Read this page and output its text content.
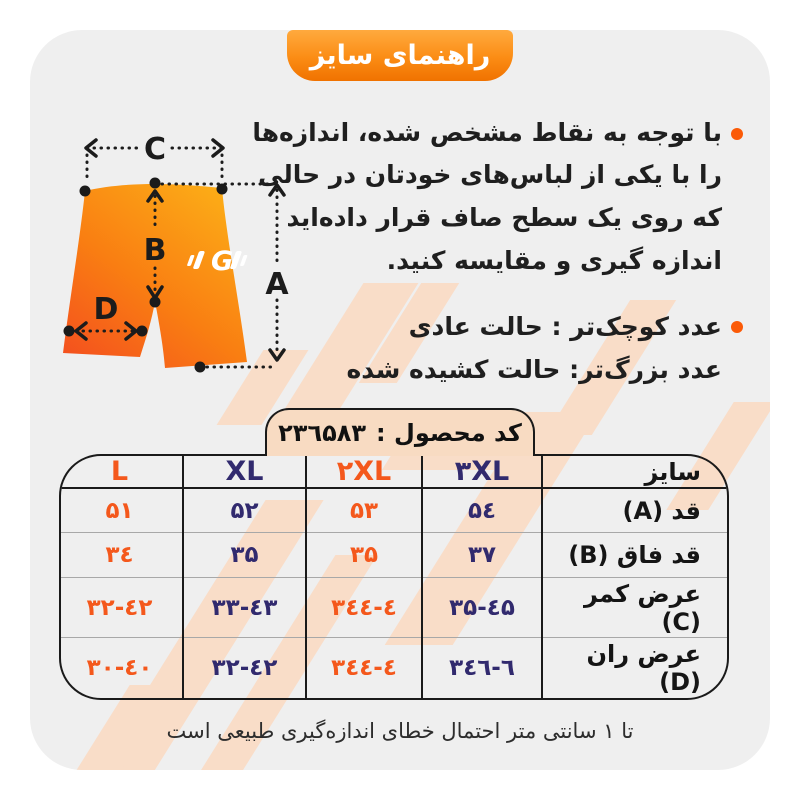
راهنمای سایز
با توجه به نقاط مشخص شده، اندازه‌ها
را با یکی از لباس‌های خودتان در حالی
که روی یک سطح صاف قرار داده‌اید
اندازه گیری و مقایسه کنید.
عدد کوچک‌تر : حالت عادی
عدد بزرگ‌تر: حالت کشیده شده
G
C
B
A
D
کد محصول :
۲۳٦۵۸۳
سایز	۳XL	۲XL	XL	L
قد (A)	۵٤	۵۳	۵۲	۵۱
قد فاق (B)	۳۷	۳۵	۳۵	۳٤
عرض کمر (C)	۳۵-٤۵	۳٤-٤٤	۳۳-٤۳	۳۲-٤۲
عرض ران (D)	۳٦-٤٦	۳٤-٤٤	۳۲-٤۲	۳۰-٤۰
تا ۱ سانتی متر احتمال خطای اندازه‌گیری طبیعی است
